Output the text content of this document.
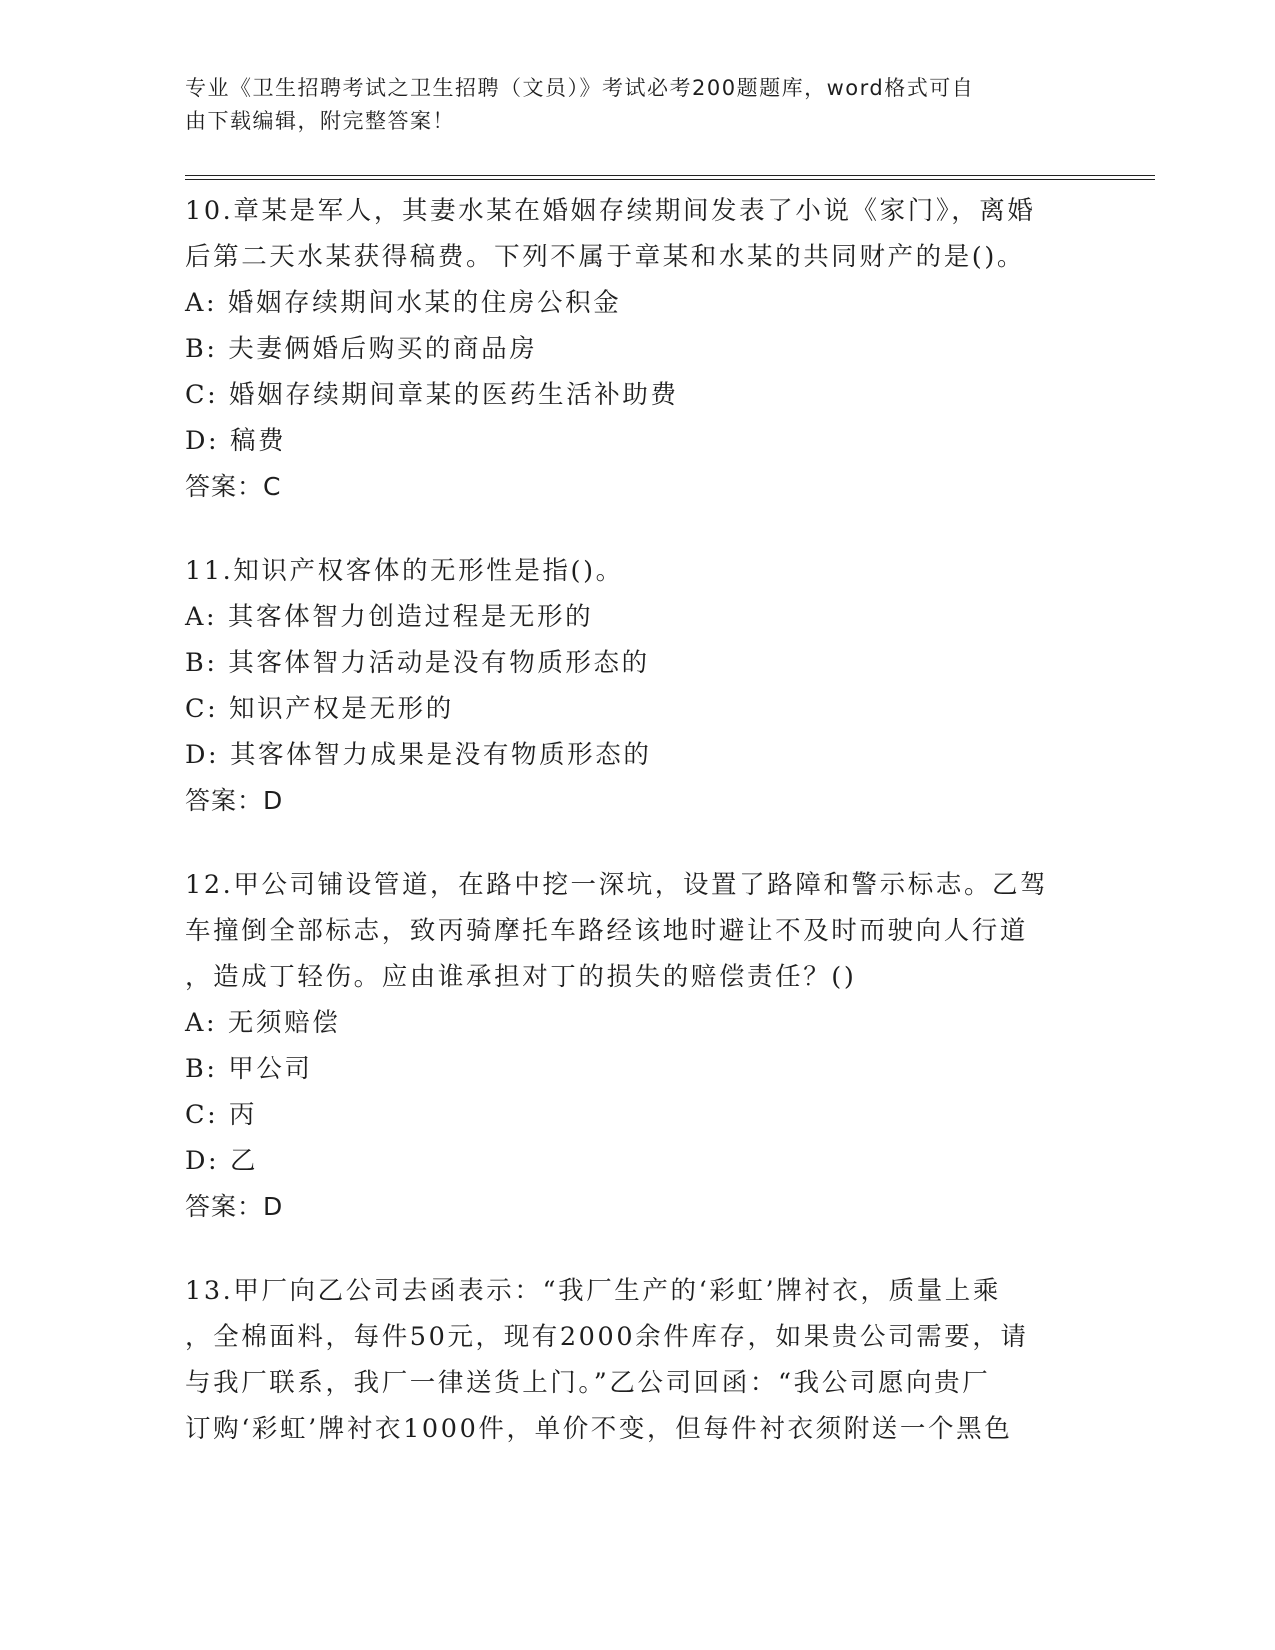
专业《卫生招聘考试之卫生招聘（文员）》考试必考200题题库，word格式可自
由下载编辑，附完整答案！

10.章某是军人，其妻水某在婚姻存续期间发表了小说《家门》，离婚

后第二天水某获得稿费。下列不属于章某和水某的共同财产的是()。

A: 婚姻存续期间水某的住房公积金

B: 夫妻俩婚后购买的商品房

C: 婚姻存续期间章某的医药生活补助费

D: 稿费

答案：C

11.知识产权客体的无形性是指()。

A: 其客体智力创造过程是无形的

B: 其客体智力活动是没有物质形态的

C: 知识产权是无形的

D: 其客体智力成果是没有物质形态的

答案：D

12.甲公司铺设管道，在路中挖一深坑，设置了路障和警示标志。乙驾

车撞倒全部标志，致丙骑摩托车路经该地时避让不及时而驶向人行道

，造成丁轻伤。应由谁承担对丁的损失的赔偿责任？()

A: 无须赔偿

B: 甲公司

C: 丙

D: 乙

答案：D

13.甲厂向乙公司去函表示：“我厂生产的‘彩虹’牌衬衣，质量上乘

，全棉面料，每件50元，现有2000余件库存，如果贵公司需要，请

与我厂联系，我厂一律送货上门。”乙公司回函：“我公司愿向贵厂

订购‘彩虹’牌衬衣1000件，单价不变，但每件衬衣须附送一个黑色
